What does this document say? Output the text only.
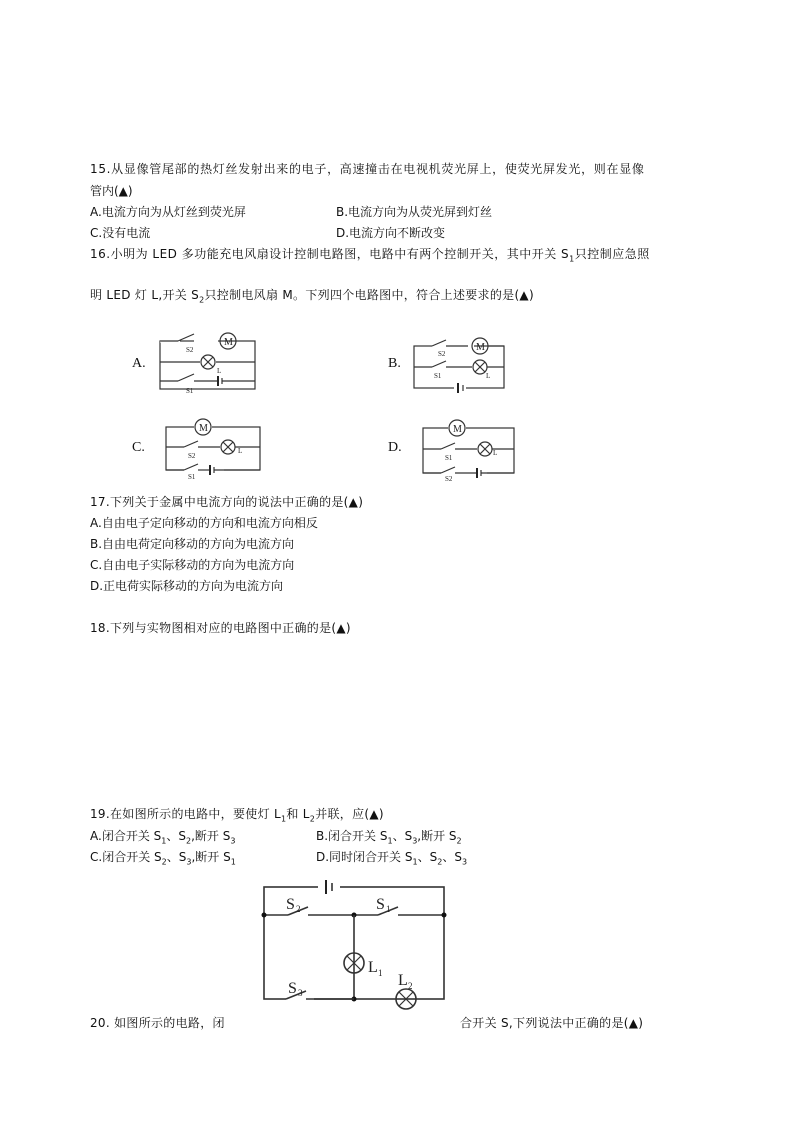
15.从显像管尾部的热灯丝发射出来的电子，高速撞击在电视机荧光屏上，使荧光屏发光，则在显像
管内(▲)
A.电流方向为从灯丝到荧光屏	B.电流方向为从荧光屏到灯丝
C.没有电流	D.电流方向不断改变
16.小明为 LED 多功能充电风扇设计控制电路图，电路中有两个控制开关，其中开关 $S_1$只控制应急照
明 LED 灯 L,开关 $S_2$只控制电风扇 M。下列四个电路图中，符合上述要求的是(▲)
A.
M
S2
L
S1
B.
M
S2
S1	L
C.
M
S2
L
S1
D.
M
S1
L
S2
17.下列关于金属中电流方向的说法中正确的是(▲)
A.自由电子定向移动的方向和电流方向相反
B.自由电荷定向移动的方向为电流方向
C.自由电子实际移动的方向为电流方向
D.正电荷实际移动的方向为电流方向
18.下列与实物图相对应的电路图中正确的是(▲)
19.在如图所示的电路中，要使灯 $L_1$和 $L_2$并联，应(▲)
A.闭合开关 $S_1$、$S_2$,断开 $S_3$	B.闭合开关 $S_1$、$S_3$,断开 $S_2$
C.闭合开关 $S_2$、$S_3$,断开 $S_1$	D.同时闭合开关 $S_1$、$S_2$、$S_3$
S 2	S 1
L 1
S 3
L 2
20. 如图所示的电路，闭	合开关 S,下列说法中正确的是(▲)
